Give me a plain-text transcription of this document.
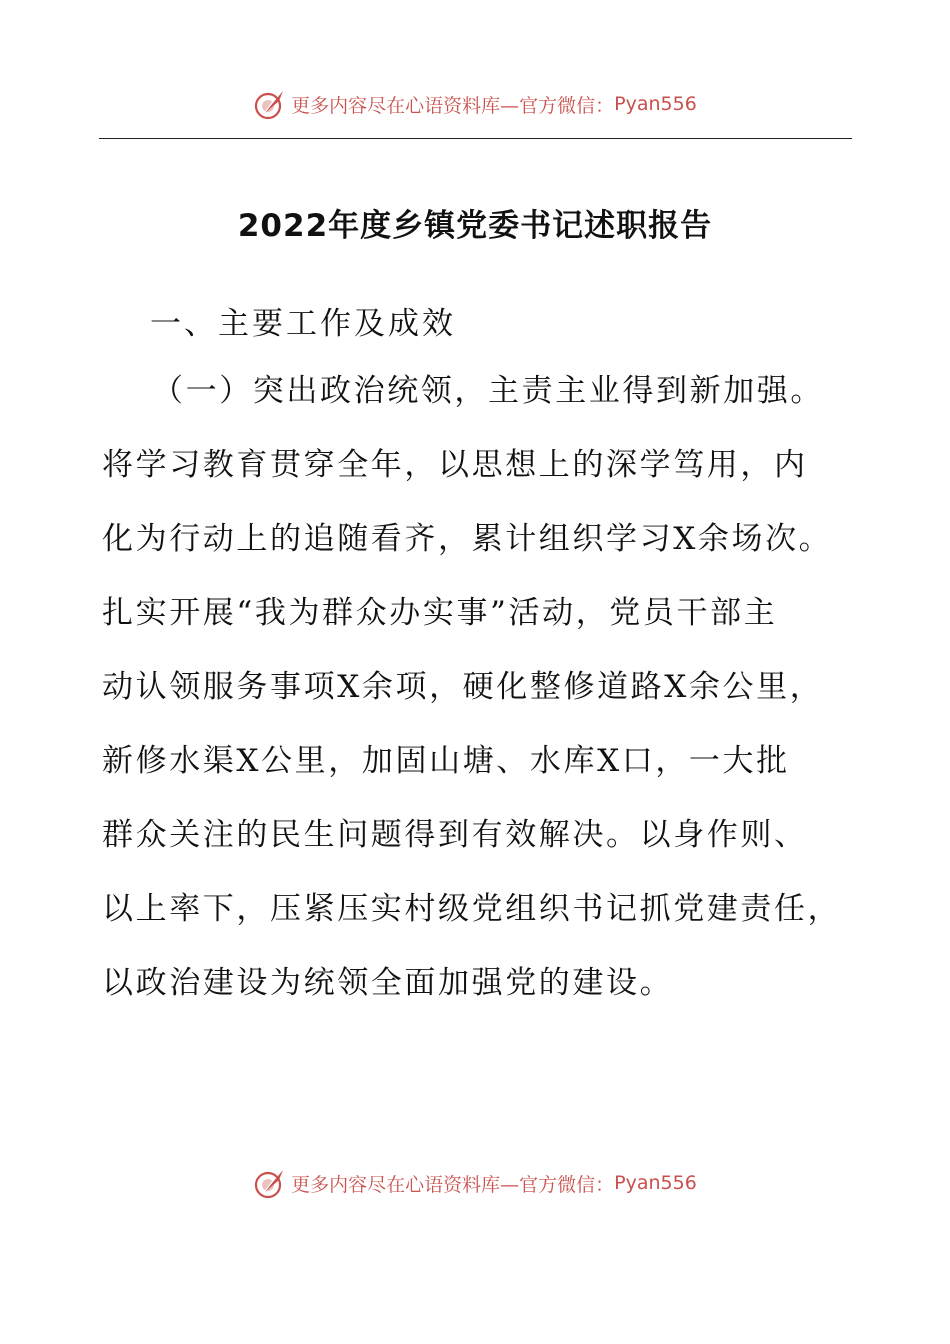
更多内容尽在心语资料库—官方微信： Pyan556
2022年度乡镇党委书记述职报告
一、主要工作及成效
（一）突出政治统领，主责主业得到新加强。
将学习教育贯穿全年，以思想上的深学笃用，内
化为行动上的追随看齐，累计组织学习X余场次。
扎实开展“我为群众办实事”活动，党员干部主
动认领服务事项X余项，硬化整修道路X余公里，
新修水渠X公里，加固山塘、水库X口，一大批
群众关注的民生问题得到有效解决。以身作则、
以上率下，压紧压实村级党组织书记抓党建责任，
以政治建设为统领全面加强党的建设。
更多内容尽在心语资料库—官方微信： Pyan556
